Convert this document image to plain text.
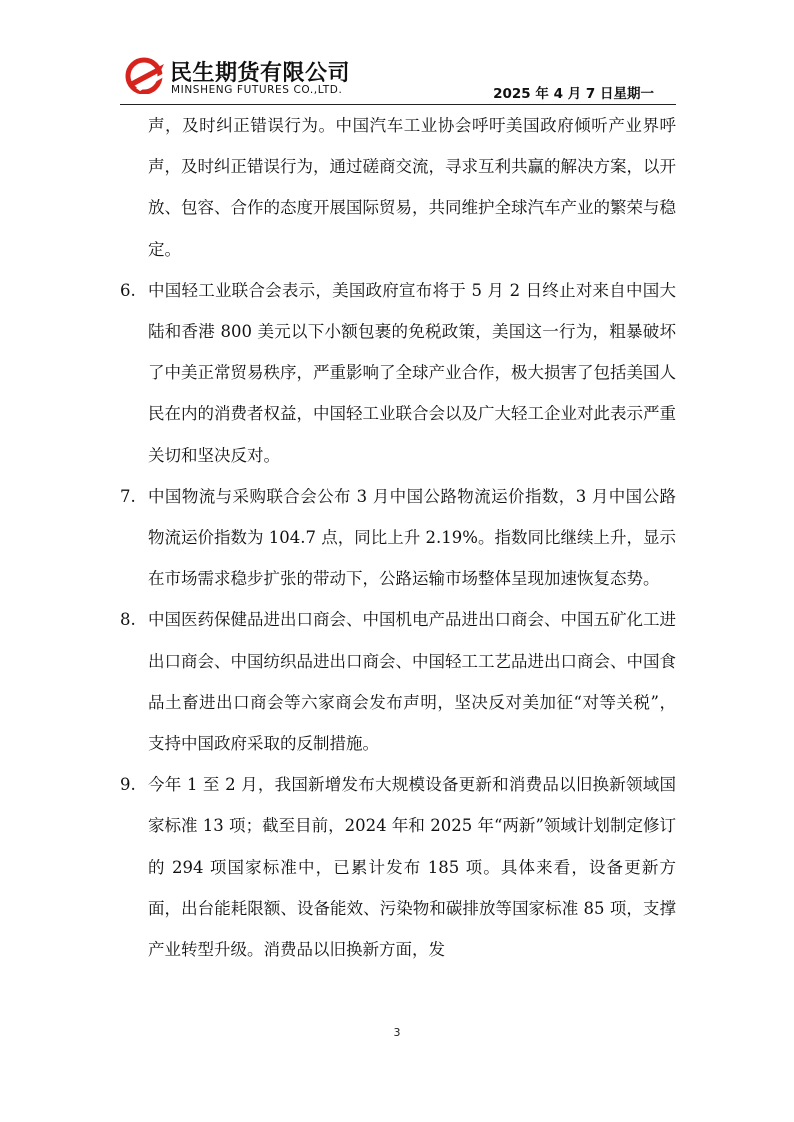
民生期货有限公司
MINSHENG FUTURES CO.,LTD.	2025 年 4 月 7 日星期一

声，及时纠正错误行为。中国汽车工业协会呼吁美国政府倾听产业界呼声，及时纠正错误行为，通过磋商交流，寻求互利共赢的解决方案，以开放、包容、合作的态度开展国际贸易，共同维护全球汽车产业的繁荣与稳定。

6. 中国轻工业联合会表示，美国政府宣布将于 5 月 2 日终止对来自中国大陆和香港 800 美元以下小额包裹的免税政策，美国这一行为，粗暴破坏了中美正常贸易秩序，严重影响了全球产业合作，极大损害了包括美国人民在内的消费者权益，中国轻工业联合会以及广大轻工企业对此表示严重关切和坚决反对。

7. 中国物流与采购联合会公布 3 月中国公路物流运价指数，3 月中国公路物流运价指数为 104.7 点，同比上升 2.19%。指数同比继续上升，显示在市场需求稳步扩张的带动下，公路运输市场整体呈现加速恢复态势。

8. 中国医药保健品进出口商会、中国机电产品进出口商会、中国五矿化工进出口商会、中国纺织品进出口商会、中国轻工工艺品进出口商会、中国食品土畜进出口商会等六家商会发布声明，坚决反对美加征“对等关税”，支持中国政府采取的反制措施。

9. 今年 1 至 2 月，我国新增发布大规模设备更新和消费品以旧换新领域国家标准 13 项；截至目前，2024 年和 2025 年“两新”领域计划制定修订的 294 项国家标准中，已累计发布 185 项。具体来看，设备更新方面，出台能耗限额、设备能效、污染物和碳排放等国家标准 85 项，支撑产业转型升级。消费品以旧换新方面，发

3
